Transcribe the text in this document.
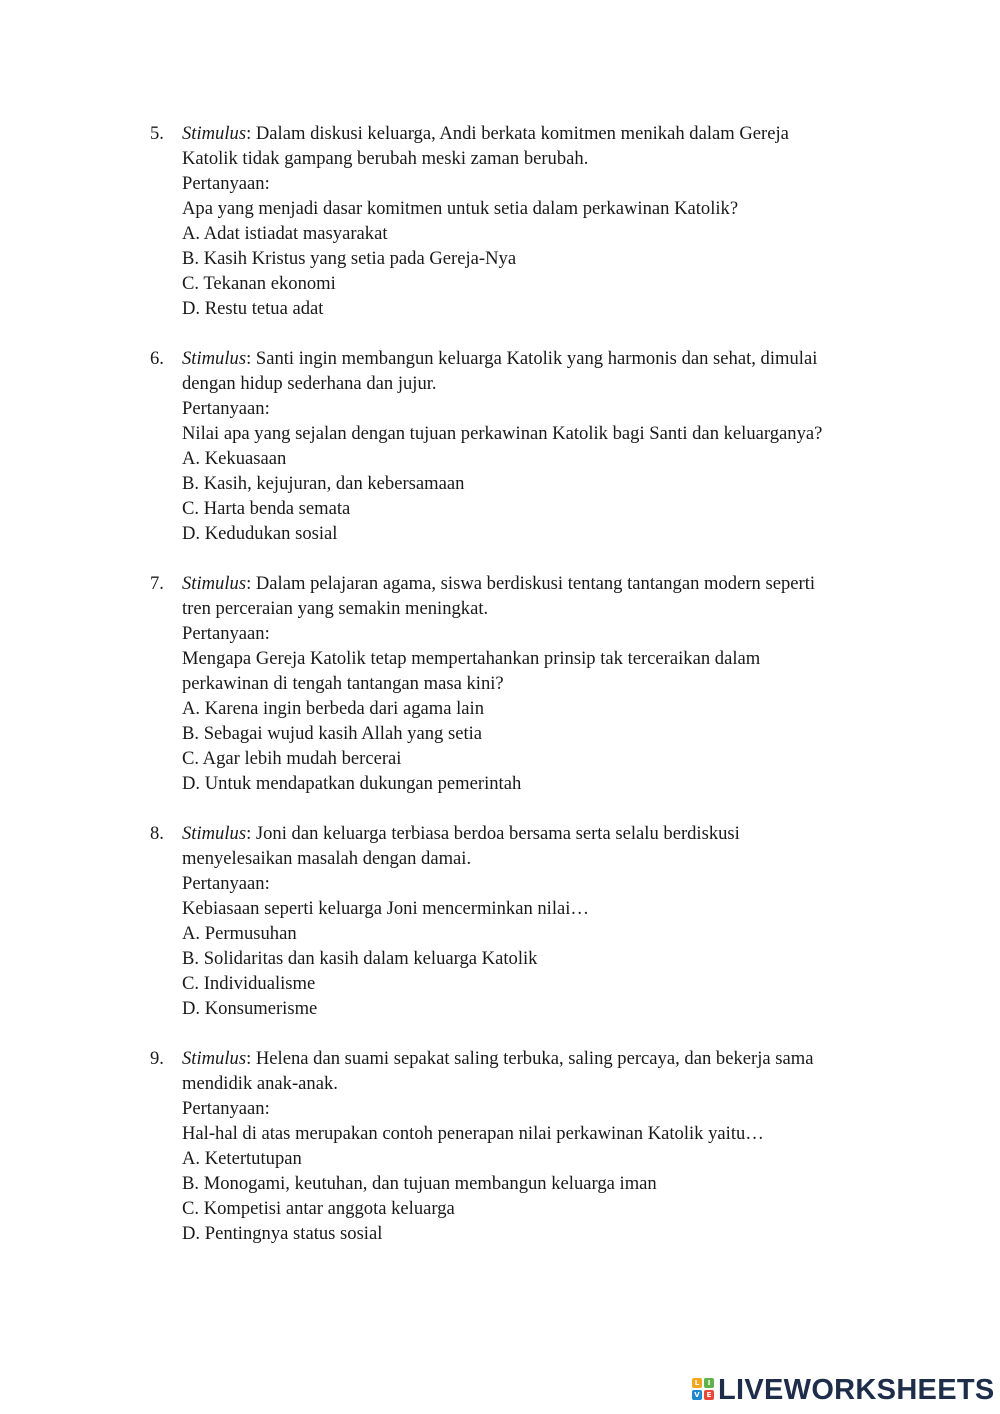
5. Stimulus: Dalam diskusi keluarga, Andi berkata komitmen menikah dalam Gereja
Katolik tidak gampang berubah meski zaman berubah.
Pertanyaan:
Apa yang menjadi dasar komitmen untuk setia dalam perkawinan Katolik?
A. Adat istiadat masyarakat
B. Kasih Kristus yang setia pada Gereja-Nya
C. Tekanan ekonomi
D. Restu tetua adat
6. Stimulus: Santi ingin membangun keluarga Katolik yang harmonis dan sehat, dimulai
dengan hidup sederhana dan jujur.
Pertanyaan:
Nilai apa yang sejalan dengan tujuan perkawinan Katolik bagi Santi dan keluarganya?
A. Kekuasaan
B. Kasih, kejujuran, dan kebersamaan
C. Harta benda semata
D. Kedudukan sosial
7. Stimulus: Dalam pelajaran agama, siswa berdiskusi tentang tantangan modern seperti
tren perceraian yang semakin meningkat.
Pertanyaan:
Mengapa Gereja Katolik tetap mempertahankan prinsip tak terceraikan dalam
perkawinan di tengah tantangan masa kini?
A. Karena ingin berbeda dari agama lain
B. Sebagai wujud kasih Allah yang setia
C. Agar lebih mudah bercerai
D. Untuk mendapatkan dukungan pemerintah
8. Stimulus: Joni dan keluarga terbiasa berdoa bersama serta selalu berdiskusi
menyelesaikan masalah dengan damai.
Pertanyaan:
Kebiasaan seperti keluarga Joni mencerminkan nilai…
A. Permusuhan
B. Solidaritas dan kasih dalam keluarga Katolik
C. Individualisme
D. Konsumerisme
9. Stimulus: Helena dan suami sepakat saling terbuka, saling percaya, dan bekerja sama
mendidik anak-anak.
Pertanyaan:
Hal-hal di atas merupakan contoh penerapan nilai perkawinan Katolik yaitu…
A. Ketertutupan
B. Monogami, keutuhan, dan tujuan membangun keluarga iman
C. Kompetisi antar anggota keluarga
D. Pentingnya status sosial
L	I
V E LIVEWORKSHEETS
